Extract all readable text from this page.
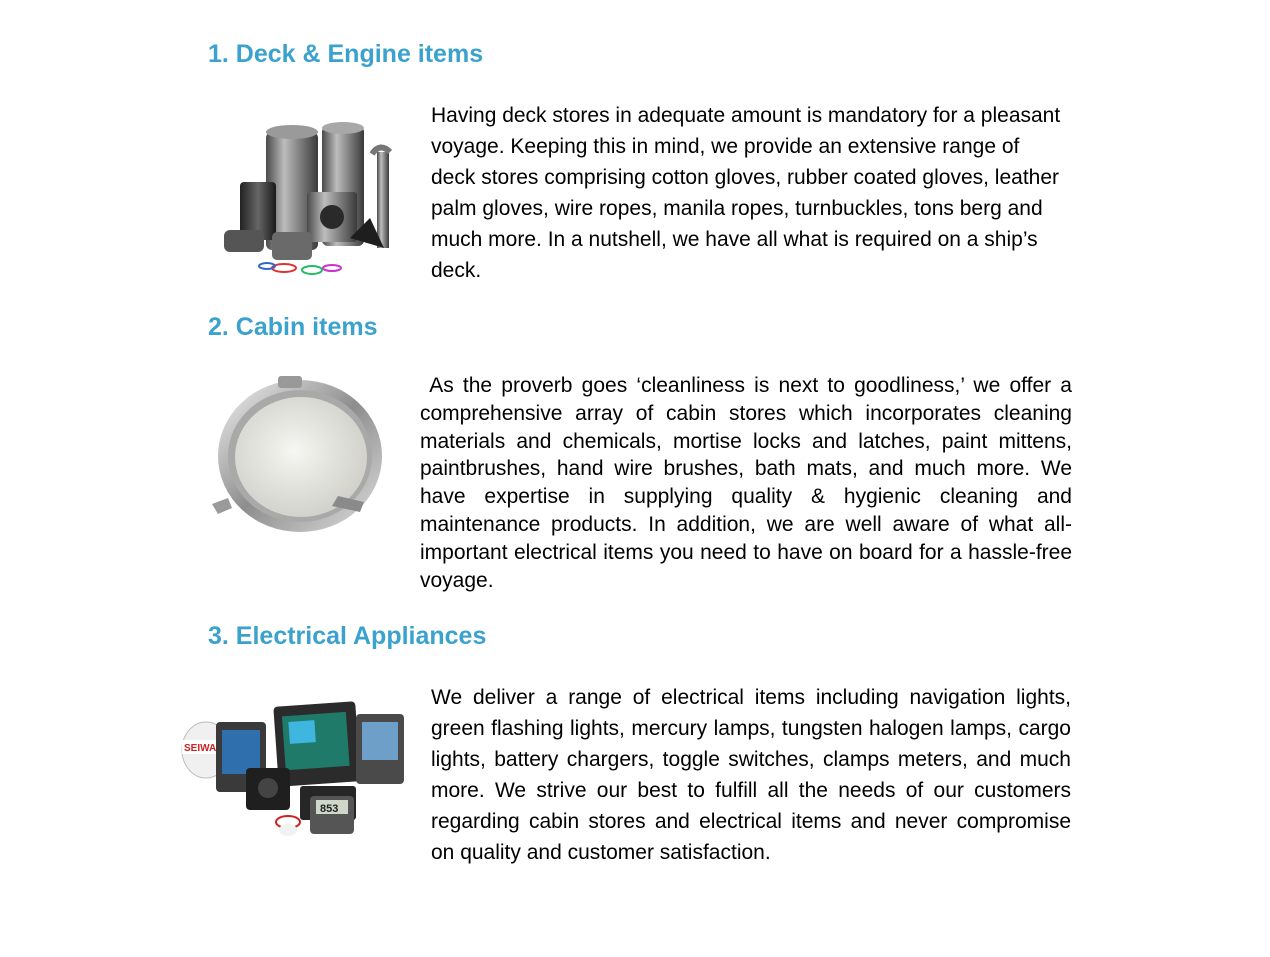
1. Deck & Engine items

Having deck stores in adequate amount is mandatory for a pleasant voyage. Keeping this in mind, we provide an extensive range of deck stores comprising cotton gloves, rubber coated gloves, leather palm gloves, wire ropes, manila ropes, turnbuckles, tons berg and much more. In a nutshell, we have all what is required on a ship’s deck.

2. Cabin items

As the proverb goes ‘cleanliness is next to goodliness,’ we offer a comprehensive array of cabin stores which incorporates cleaning materials and chemicals, mortise locks and latches, paint mittens, paintbrushes, hand wire brushes, bath mats, and much more. We have expertise in supplying quality & hygienic cleaning and maintenance products. In addition, we are well aware of what all-important electrical items you need to have on board for a hassle-free voyage.

3. Electrical Appliances
SEIWA
853

We deliver a range of electrical items including navigation lights, green flashing lights, mercury lamps, tungsten halogen lamps, cargo lights, battery chargers, toggle switches, clamps meters, and much more. We strive our best to fulfill all the needs of our customers regarding cabin stores and electrical items and never compromise on quality and customer satisfaction.
